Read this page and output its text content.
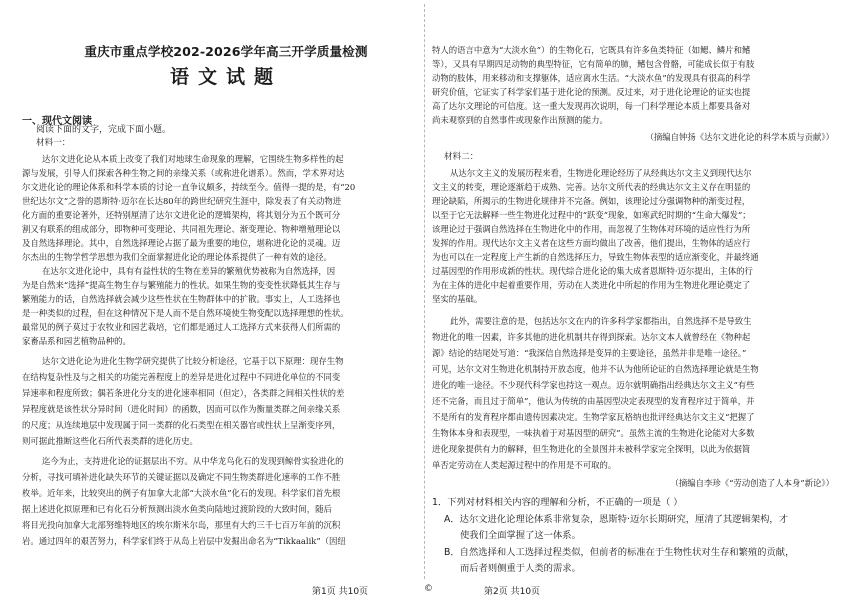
重庆市重点学校202-2026学年高三开学质量检测
语文试题
一、现代文阅读
阅读下面的文字，完成下面小题。
材料一：
达尔文进化论从本质上改变了我们对地球生命现象的理解，它围绕生物多样性的起
源与发展，引导人们探索各种生物之间的亲缘关系（或称进化谱系）。然而，学术界对达
尔文进化论的理论体系和科学本质的讨论一直争议颇多，持续至今。值得一提的是，有“20
世纪达尔文”之誉的恩斯特·迈尔在长达80年的跨世纪研究生涯中，除发表了有关动物进
化方面的重要论著外，还特别厘清了达尔文进化论的逻辑架构，将其划分为五个既可分
割又有联系的组成部分，即物种可变理论、共同祖先理论、渐变理论、物种增殖理论以
及自然选择理论。其中，自然选择理论占据了最为重要的地位，堪称进化论的灵魂。迈
尔杰出的生物学哲学思想为我们全面掌握进化论的理论体系提供了一种有效的途径。
在达尔文进化论中，具有有益性状的生物在差异的繁殖优势被称为自然选择，因
为是自然来“选择”提高生物生存与繁殖能力的性状。如果生物的变变性状降低其生存与
繁殖能力的话，自然选择就会减少这些性状在生物群体中的扩散。事实上，人工选择也
是一种类似的过程，但在这种情况下是人而不是自然环境使生物变配以选择理想的性状。
最常见的例子莫过于农牧业和园艺栽培，它们都是通过人工选择方式来获得人们所需的
家畜品系和园艺植物品种的。
达尔文进化论为进化生物学研究提供了比较分析途径，它基于以下原理：现存生物
在结构复杂性及与之相关的功能完善程度上的差异是进化过程中不同进化单位的不同变
异速率和程度所致；偶若条进化分支的进化速率相同（但定），各类群之间相关性状的差
异程度就是该性状分异时间（进化时间）的函数，因而可以作为衡量类群之间亲缘关系
的尺度；从连续地层中发现属于同一类群的化石类型在相关器官或性状上呈渐变序列，
则可据此推断这些化石所代表类群的进化历史。
迄今为止，支持进化论的证据层出不穷。从中华龙鸟化石的发现到鲸骨实验进化的
分析，寻找可填补进化缺失环节的关键证据以及确定不同生物类群进化速率的工作不胜
枚举。近年来，比较突出的例子有加拿大北部“大淡水鱼”化石的发现。科学家们首先根
据上述进化拟原理和已有化石分析预测出淡水鱼类向陆地过渡阶段的大致时间，随后
将目光投向加拿大北部努维特地区的埃尔斯米尔岛，那里有大约三千七百万年前的沉积
岩。通过四年的艰苦努力，科学家们终于从岛上岩层中发掘出命名为“Tikkaalik”（因纽
特人的语言中意为“大淡水鱼”）的生物化石，它既具有许多鱼类特征（如鳃、鳞片和鳍
等），又具有早期四足动物的典型特征，它有简单的肺，鳍包含骨骼，可能成长似于有肢
动物的肢体，用来移动和支撑躯体，适应离水生活。“大淡水鱼”的发现具有很高的科学
研究价值，它证实了科学家们基于进化论的预测。反过来，对于进化论理论的证实也提
高了达尔文理论的可信度。这一重大发现再次说明，每一门科学理论本质上都要具备对
尚未观察到的自然事件或现象作出预测的能力。
（摘编自钟扬《达尔文进化论的科学本质与贡献》）
材料二：
从达尔文主义的发展历程来看，生物进化理论经历了从经典达尔文主义到现代达尔
文主义的转变，理论逐渐趋于成熟、完善。达尔文所代表的经典达尔文主义存在明显的
理论缺陷，所揭示的生物进化规律并不完备。例如，该理论过分强调物种的渐变过程，
以至于它无法解释一些生物进化过程中的“跃变”现象，如寒武纪时期的“生命大爆发”；
该理论过于强调自然选择在生物进化中的作用，而忽视了生物体对环境的适应性行为所
发挥的作用。现代达尔文主义者在这些方面均做出了改善，他们提出，生物体的适应行
为也可以在一定程度上产生新的自然选择压力，导致生物体表型的适应渐变化，并最终通
过基因型的作用形成新的性状。现代综合进化论的集大成者恩斯特·迈尔提出，主体的行
为在主体的进化中起着重要作用，劳动在人类进化中所起的作用为生物进化理论奠定了
坚实的基础。
此外，需要注意的是，包括达尔文在内的许多科学家都指出，自然选择不是导致生
物进化的唯一因素，许多其他的进化机制共存得到探索。达尔文本人就曾经在《物种起
源》结论的结尾处写道：“我深信自然选择是变异的主要途径，虽然并非是唯一途径。”
可见，达尔文对生物进化机制持开放态度，他并不认为他所论证的自然选择理论就是生物
进化的唯一途径。不少现代科学家也持这一观点。迈尔就明确指出经典达尔文主义“有些
还不完备，而且过于简单”，他认为传统的由基因型决定表现型的发育程序过于简单，并
不是所有的发育程序都由遗传因素决定。生物学家瓦格纳也批评经典达尔文主义“把握了
生物体本身和表现型，一味执着于对基因型的研究”。虽然主流的生物进化论能对大多数
进化现象提供有力的解释，但生物进化的全景图并未被科学家完全探明，以此为依据简
单否定劳动在人类起源过程中的作用是不可取的。
（摘编自李珍《“劳动创造了人本身”新论》）
1．下列对材料相关内容的理解和分析，不正确的一项是（ ）
A．达尔文进化论理论体系非常复杂，恩斯特·迈尔长期研究，厘清了其逻辑架构，才
使我们全面掌握了这一体系。
B．自然选择和人工选择过程类似，但前者的标准在于生物性状对生存和繁殖的贡献，
而后者则侧重于人类的需求。
第1页 共10页	©	第2页 共10页
